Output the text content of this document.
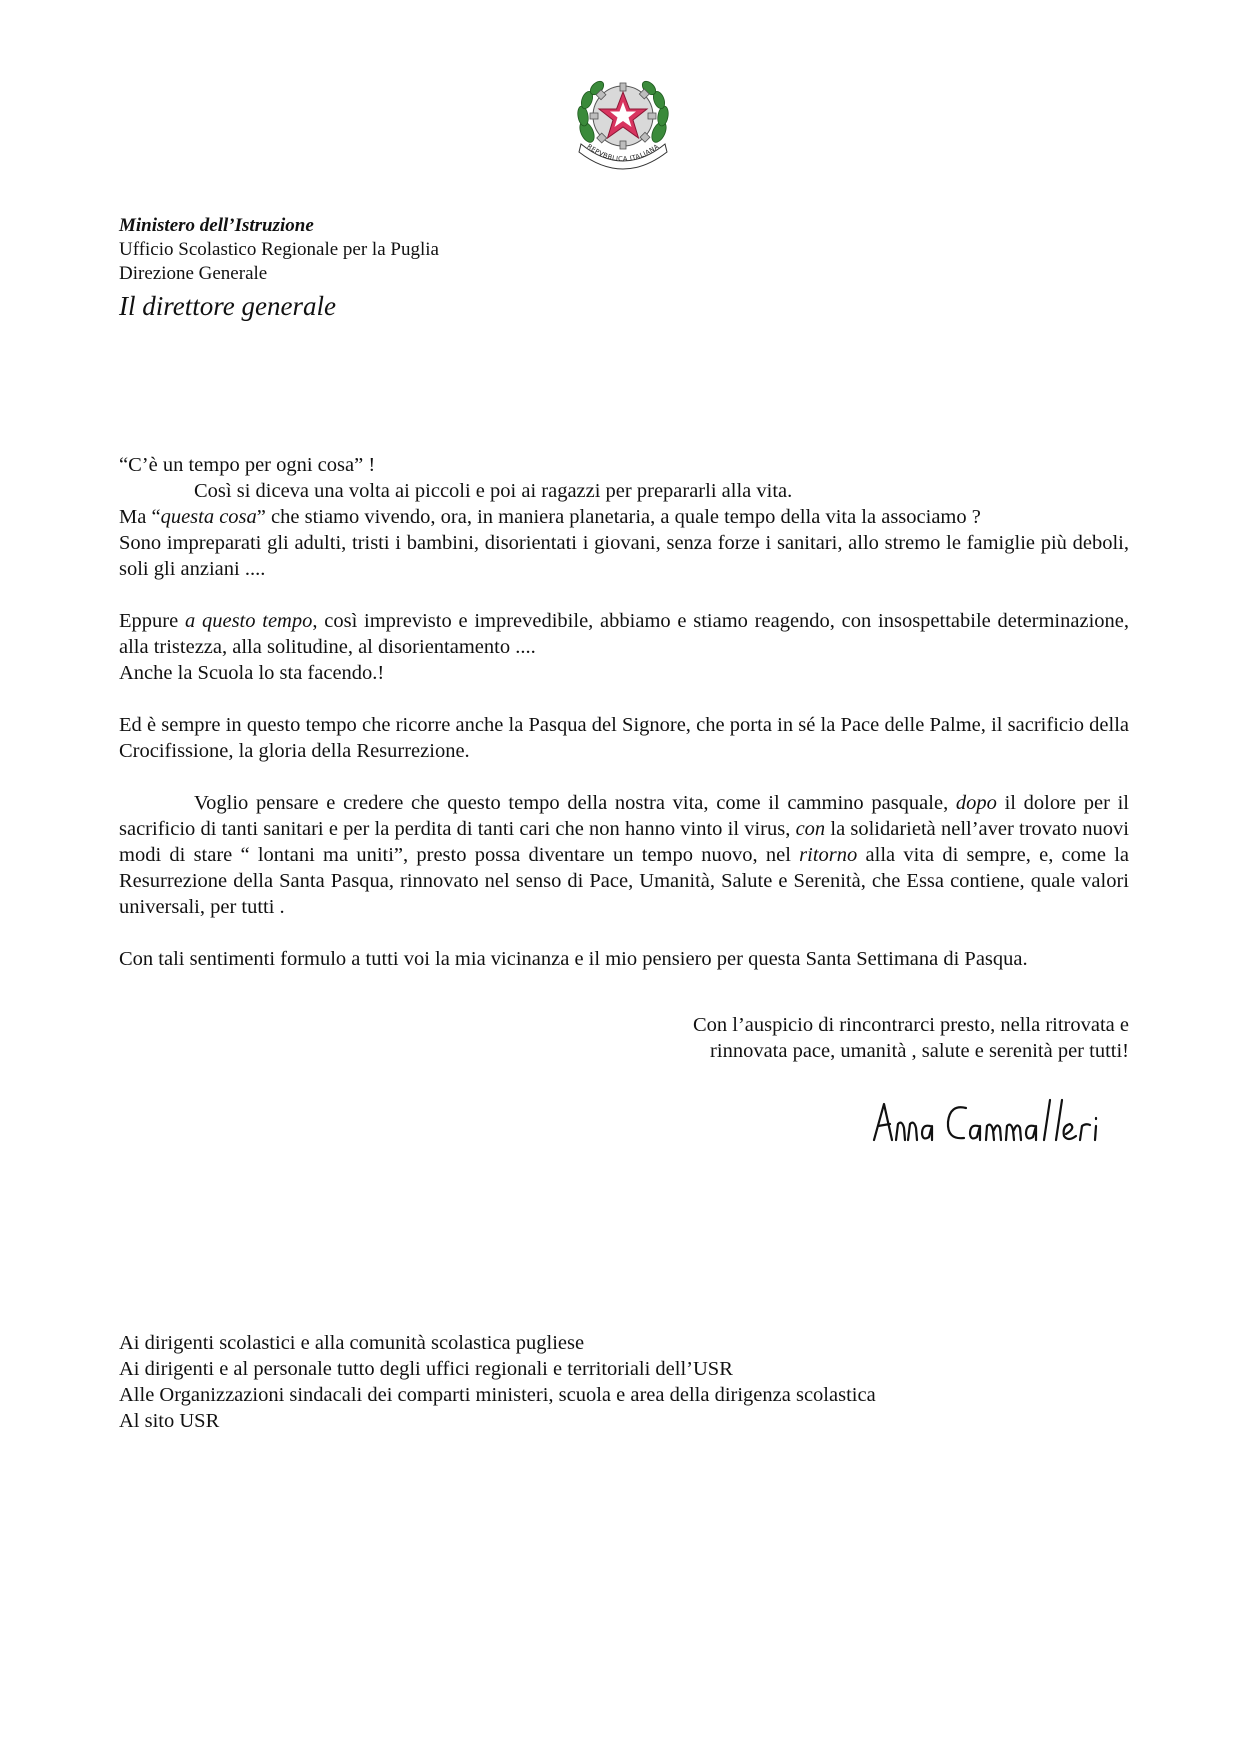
REPVBBLICA ITALIANA
Ministero dell’Istruzione
Ufficio Scolastico Regionale per la Puglia
Direzione Generale
Il direttore generale

“C’è un tempo per ogni cosa” !

Così si diceva una volta ai piccoli e poi ai ragazzi per prepararli alla vita.

Ma “questa cosa” che stiamo vivendo, ora, in maniera planetaria, a quale tempo della vita la associamo ?

Sono impreparati gli adulti, tristi i bambini, disorientati i giovani, senza forze i sanitari, allo stremo le famiglie più deboli, soli gli anziani ....

Eppure a questo tempo, così imprevisto e imprevedibile, abbiamo e stiamo reagendo, con insospettabile determinazione, alla tristezza, alla solitudine, al disorientamento ....

Anche la Scuola lo sta facendo.!

Ed è sempre in questo tempo che ricorre anche la Pasqua del Signore, che porta in sé la Pace delle Palme, il sacrificio della Crocifissione, la gloria della Resurrezione.

Voglio pensare e credere che questo tempo della nostra vita, come il cammino pasquale, dopo il dolore per il sacrificio di tanti sanitari e per la perdita di tanti cari che non hanno vinto il virus, con la solidarietà nell’aver trovato nuovi modi di stare “ lontani ma uniti”, presto possa diventare un tempo nuovo, nel ritorno alla vita di sempre, e, come la Resurrezione della Santa Pasqua, rinnovato nel senso di Pace, Umanità, Salute e Serenità, che Essa contiene, quale valori universali, per tutti .

Con tali sentimenti formulo a tutti voi la mia vicinanza e il mio pensiero per questa Santa Settimana di Pasqua.

Con l’auspicio di rincontrarci presto, nella ritrovata e
rinnovata pace, umanità , salute e serenità per tutti!
Ai dirigenti scolastici e alla comunità scolastica pugliese
Ai dirigenti e al personale tutto degli uffici regionali e territoriali dell’USR
Alle Organizzazioni sindacali dei comparti ministeri, scuola e area della dirigenza scolastica
Al sito USR
